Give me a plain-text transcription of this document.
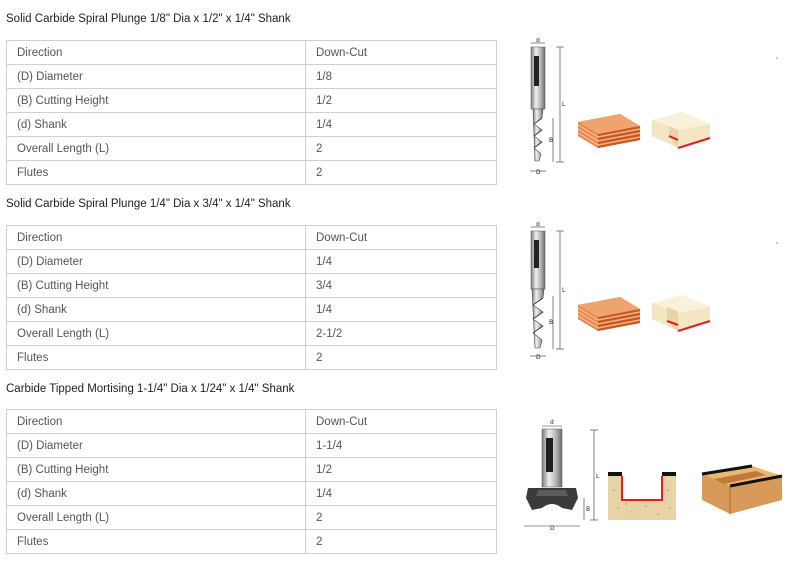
Solid Carbide Spiral Plunge 1/8" Dia x 1/2" x 1/4" Shank
Direction	Down-Cut
(D) Diameter	1/8
(B) Cutting Height	1/2
(d) Shank	1/4
Overall Length (L)	2
Flutes	2
d
L
B
D
Solid Carbide Spiral Plunge 1/4" Dia x 3/4" x 1/4" Shank
Direction	Down-Cut
(D) Diameter	1/4
(B) Cutting Height	3/4
(d) Shank	1/4
Overall Length (L)	2-1/2
Flutes	2
d
L
B
D
Carbide Tipped Mortising 1-1/4" Dia x 1/24" x 1/4" Shank
Direction	Down-Cut
(D) Diameter	1-1/4
(B) Cutting Height	1/2
(d) Shank	1/4
Overall Length (L)	2
Flutes	2
d
L
B
D
